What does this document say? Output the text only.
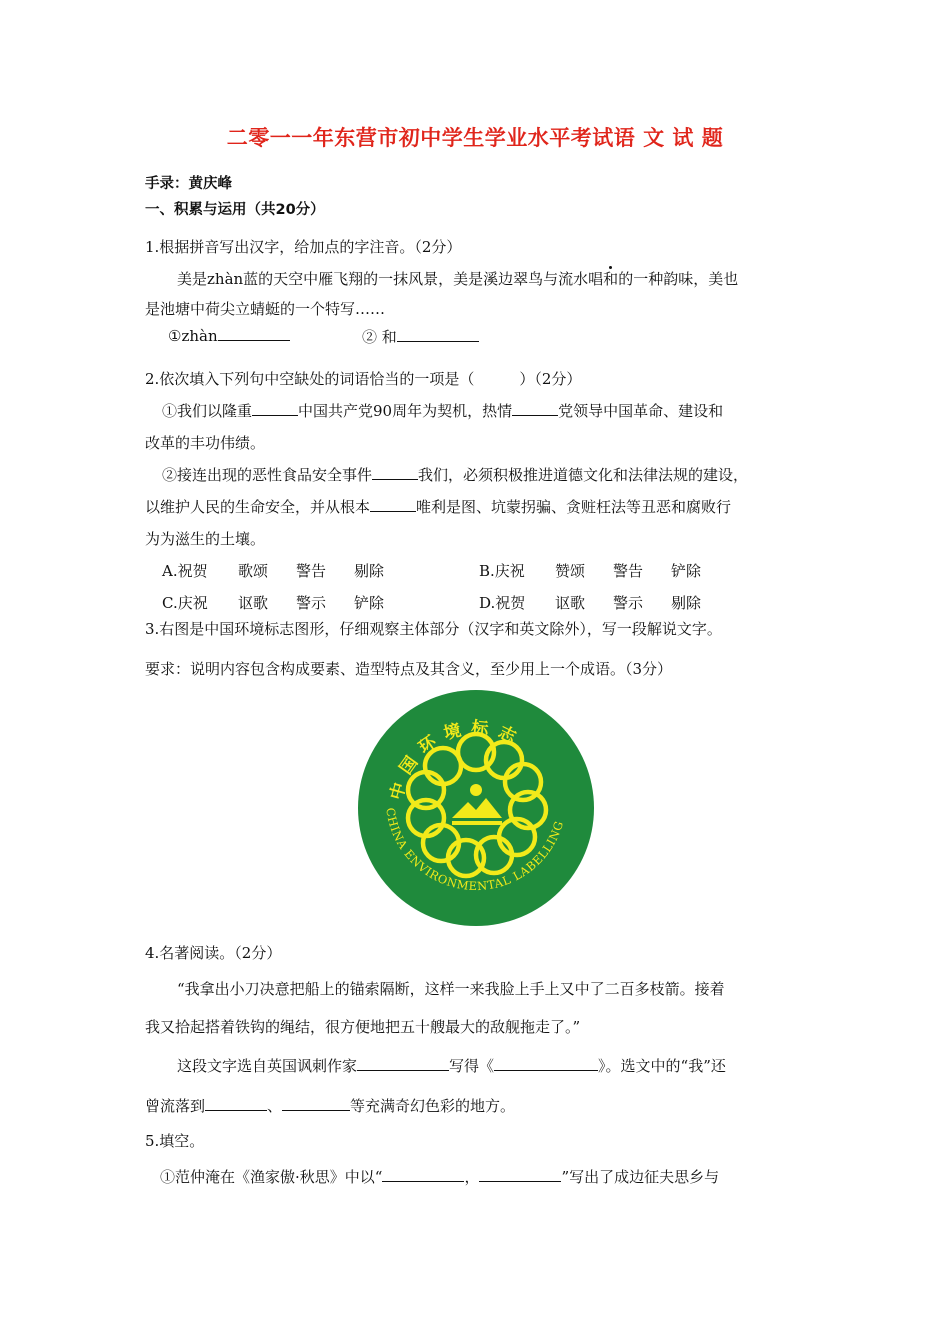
二零一一年东营市初中学生学业水平考试语 文 试 题
手录：黄庆峰
一、积累与运用（共20分）
1.根据拼音写出汉字，给加点的字注音。（2分）
美是zhàn蓝的天空中雁飞翔的一抹风景，美是溪边翠鸟与流水唱和的一种韵味，美也
是池塘中荷尖立蜻蜓的一个特写……
①zhàn	② 和
2.依次填入下列句中空缺处的词语恰当的一项是（　　　）（2分）
①我们以隆重	中国共产党90周年为契机，热情	党领导中国革命、建设和
改革的丰功伟绩。
②接连出现的恶性食品安全事件	我们，必须积极推进道德文化和法律法规的建设，
以维护人民的生命安全，并从根本	唯利是图、坑蒙拐骗、贪赃枉法等丑恶和腐败行
为为滋生的土壤。
A.祝贺 歌颂 警告 剔除	B.庆祝 赞颂 警告 铲除
C.庆祝 讴歌 警示 铲除	D.祝贺 讴歌 警示 剔除
3.右图是中国环境标志图形，仔细观察主体部分（汉字和英文除外），写一段解说文字。
要求：说明内容包含构成要素、造型特点及其含义，至少用上一个成语。（3分）
中国环境标志
CHINA ENVIRONMENTAL LABELLING
4.名著阅读。（2分）
“我拿出小刀决意把船上的锚索隔断，这样一来我脸上手上又中了二百多枝箭。接着
我又拾起搭着铁钩的绳结，很方便地把五十艘最大的敌舰拖走了。”
这段文字选自英国讽刺作家	写得《	》。选文中的“我”还
曾流落到	、	等充满奇幻色彩的地方。
5.填空。
①范仲淹在《渔家傲·秋思》中以“	，	”写出了成边征夫思乡与
